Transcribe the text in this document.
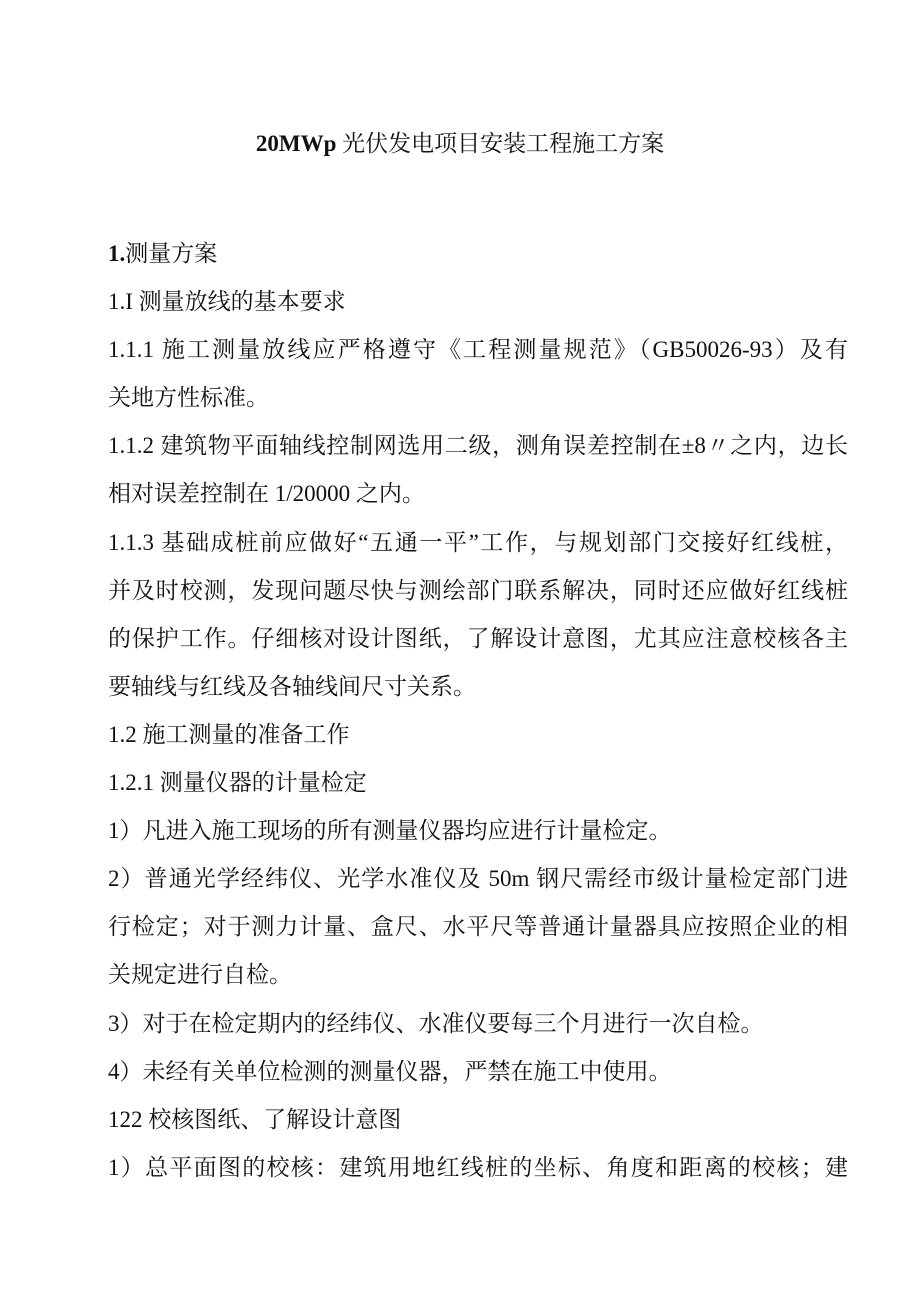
20MWp 光伏发电项目安装工程施工方案
1.测量方案
1.I 测量放线的基本要求
1.1.1 施工测量放线应严格遵守《工程测量规范》（GB50026-93）及有
关地方性标准。
1.1.2 建筑物平面轴线控制网选用二级，测角误差控制在±8〃之内，边长
相对误差控制在 1/20000 之内。
1.1.3 基础成桩前应做好“五通一平”工作，与规划部门交接好红线桩，
并及时校测，发现问题尽快与测绘部门联系解决，同时还应做好红线桩
的保护工作。仔细核对设计图纸，了解设计意图，尤其应注意校核各主
要轴线与红线及各轴线间尺寸关系。
1.2 施工测量的准备工作
1.2.1 测量仪器的计量检定
1）凡进入施工现场的所有测量仪器均应进行计量检定。
2）普通光学经纬仪、光学水准仪及 50m 钢尺需经市级计量检定部门进
行检定；对于测力计量、盒尺、水平尺等普通计量器具应按照企业的相
关规定进行自检。
3）对于在检定期内的经纬仪、水准仪要每三个月进行一次自检。
4）未经有关单位检测的测量仪器，严禁在施工中使用。
122 校核图纸、了解设计意图
1）总平面图的校核：建筑用地红线桩的坐标、角度和距离的校核；建
